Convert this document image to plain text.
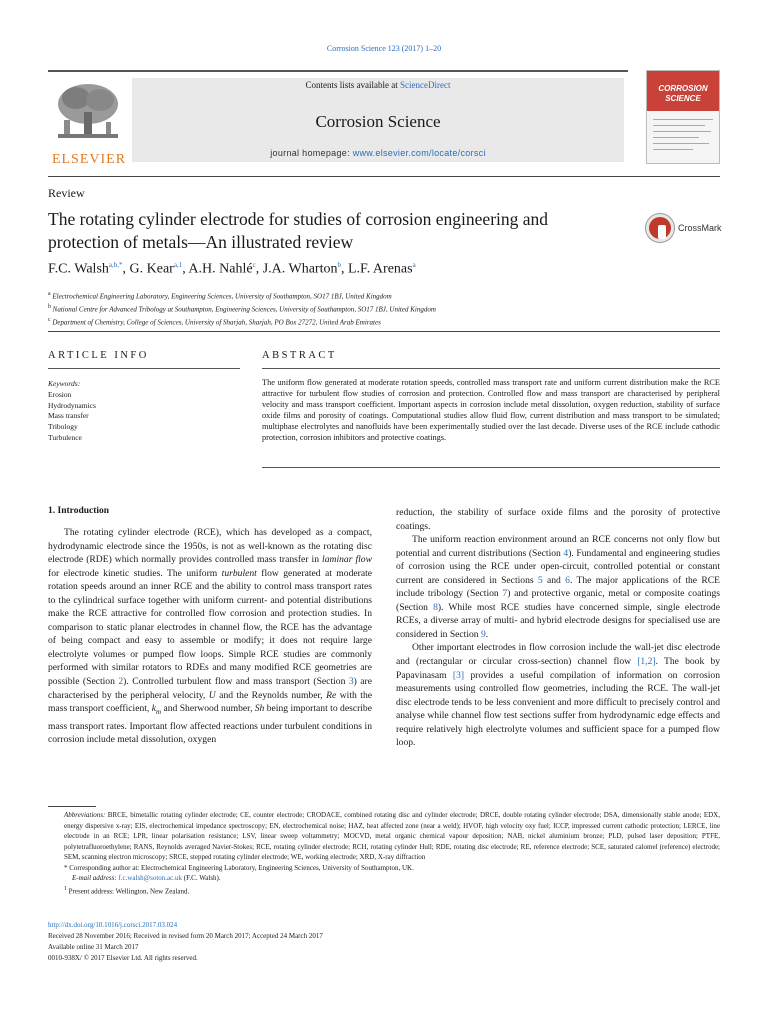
Corrosion Science 123 (2017) 1–20
ELSEVIER
Contents lists available at ScienceDirect
Corrosion Science
journal homepage: www.elsevier.com/locate/corsci
CORROSION
SCIENCE
Review
The rotating cylinder electrode for studies of corrosion engineering and protection of metals—An illustrated review
CrossMark
F.C. Walsh$^{a,b,*}$, G. Kear$^{a,1}$, A.H. Nahlé$^c$, J.A. Wharton$^b$, L.F. Arenas$^a$
$^a$ Electrochemical Engineering Laboratory, Engineering Sciences, University of Southampton, SO17 1BJ, United Kingdom
$^b$ National Centre for Advanced Tribology at Southampton, Engineering Sciences, University of Southampton, SO17 1BJ, United Kingdom
$^c$ Department of Chemistry, College of Sciences, University of Sharjah, Sharjah, PO Box 27272, United Arab Emirates
ARTICLE INFO
Keywords:
Erosion
Hydrodynamics
Mass transfer
Tribology
Turbulence
ABSTRACT
The uniform flow generated at moderate rotation speeds, controlled mass transport rate and uniform current distribution make the RCE attractive for turbulent flow studies of corrosion and protection. Controlled flow and mass transport are characterised by peripheral velocity and mass transport coefficient. Important aspects in corrosion include metal dissolution, oxygen reduction, stability of surface oxide films and porosity of coatings. Computational studies allow fluid flow, current distribution and mass transport to be simulated; multiphase electrolytes and nanofluids have been experimentally studied over the last decade. Diverse uses of the RCE include cathodic protection, corrosion inhibitors and protective coatings.
1. Introduction

The rotating cylinder electrode (RCE), which has developed as a compact, hydrodynamic electrode since the 1950s, is not as well-known as the rotating disc electrode (RDE) which normally provides controlled mass transfer in laminar flow for electrode kinetic studies. The uniform turbulent flow generated at moderate rotation speeds around an inner RCE and the ability to control mass transport rates to the cylindrical surface together with uniform current- and potential distributions make the RCE attractive for controlled flow corrosion and protection studies. In comparison to static planar electrodes in channel flow, the RCE has the advantage of being compact and easy to assemble or modify; it does not require large electrolyte volumes or pumped flow loops. Simple RCE studies are commonly performed with similar rotators to RDEs and many modified RCE geometries are possible (Section 2). Controlled turbulent flow and mass transport (Section 3) are characterised by the peripheral velocity, U and the Reynolds number, Re with the mass transport coefficient, $k_m$ and Sherwood number, Sh being important to describe mass transport rates. Important flow affected reactions under turbulent conditions in corrosion include metal dissolution, oxygen

reduction, the stability of surface oxide films and the porosity of protective coatings.

The uniform reaction environment around an RCE concerns not only flow but potential and current distributions (Section 4). Fundamental and engineering studies of corrosion using the RCE under open-circuit, controlled potential or constant current are considered in Sections 5 and 6. The major applications of the RCE include tribology (Section 7) and protective organic, metal or composite coatings (Section 8). While most RCE studies have concerned simple, single electrode RCEs, a diverse array of multi- and hybrid electrode designs for specialised use are considered in Section 9.

Other important electrodes in flow corrosion include the wall-jet disc electrode and (rectangular or circular cross-section) channel flow [1,2]. The book by Papavinasam [3] provides a useful compilation of information on corrosion measurements using controlled flow geometries, including the RCE. The wall-jet disc electrode tends to be less convenient and more difficult to precisely control and analyse while channel flow test sections suffer from hydrodynamic edge effects and require relatively high electrolyte volumes and sufficient space for a pumped flow loop.

Abbreviations: BRCE, bimetallic rotating cylinder electrode; CE, counter electrode; CRODACE, combined rotating disc and cylinder electrode; DRCE, double rotating cylinder electrode; DSA, dimensionally stable anode; EDX, energy dispersive x-ray; EIS, electrochemical impedance spectroscopy; EN, electrochemical noise; HAZ, heat affected zone (near a weld); HVOF, high velocity oxy fuel; ICCP, impressed current cathodic protection; LERCE, line electrode in an RCE; LPR, linear polarisation resistance; LSV, linear sweep voltammetry; MOCVD, metal organic chemical vapour deposition; NAB, nickel aluminium bronze; PLD, pulsed laser deposition; PTFE, polytetrafluoroethylene; RANS, Reynolds averaged Navier-Stokes; RCE, rotating cylinder electrode; RCH, rotating cylinder Hull; RDE, rotating disc electrode; RE, reference electrode; SCE, saturated calomel (reference) electrode; SEM, scanning electron microscopy; SRCE, stepped rotating cylinder electrode; WE, working electrode; XRD, X-ray diffraction
* Corresponding author at: Electrochemical Engineering Laboratory, Engineering Sciences, University of Southampton, UK.
E-mail address: f.c.walsh@soton.ac.uk (F.C. Walsh).
$^1$ Present address: Wellington, New Zealand.
http://dx.doi.org/10.1016/j.corsci.2017.03.024
Received 28 November 2016; Received in revised form 20 March 2017; Accepted 24 March 2017
Available online 31 March 2017
0010-938X/ © 2017 Elsevier Ltd. All rights reserved.
